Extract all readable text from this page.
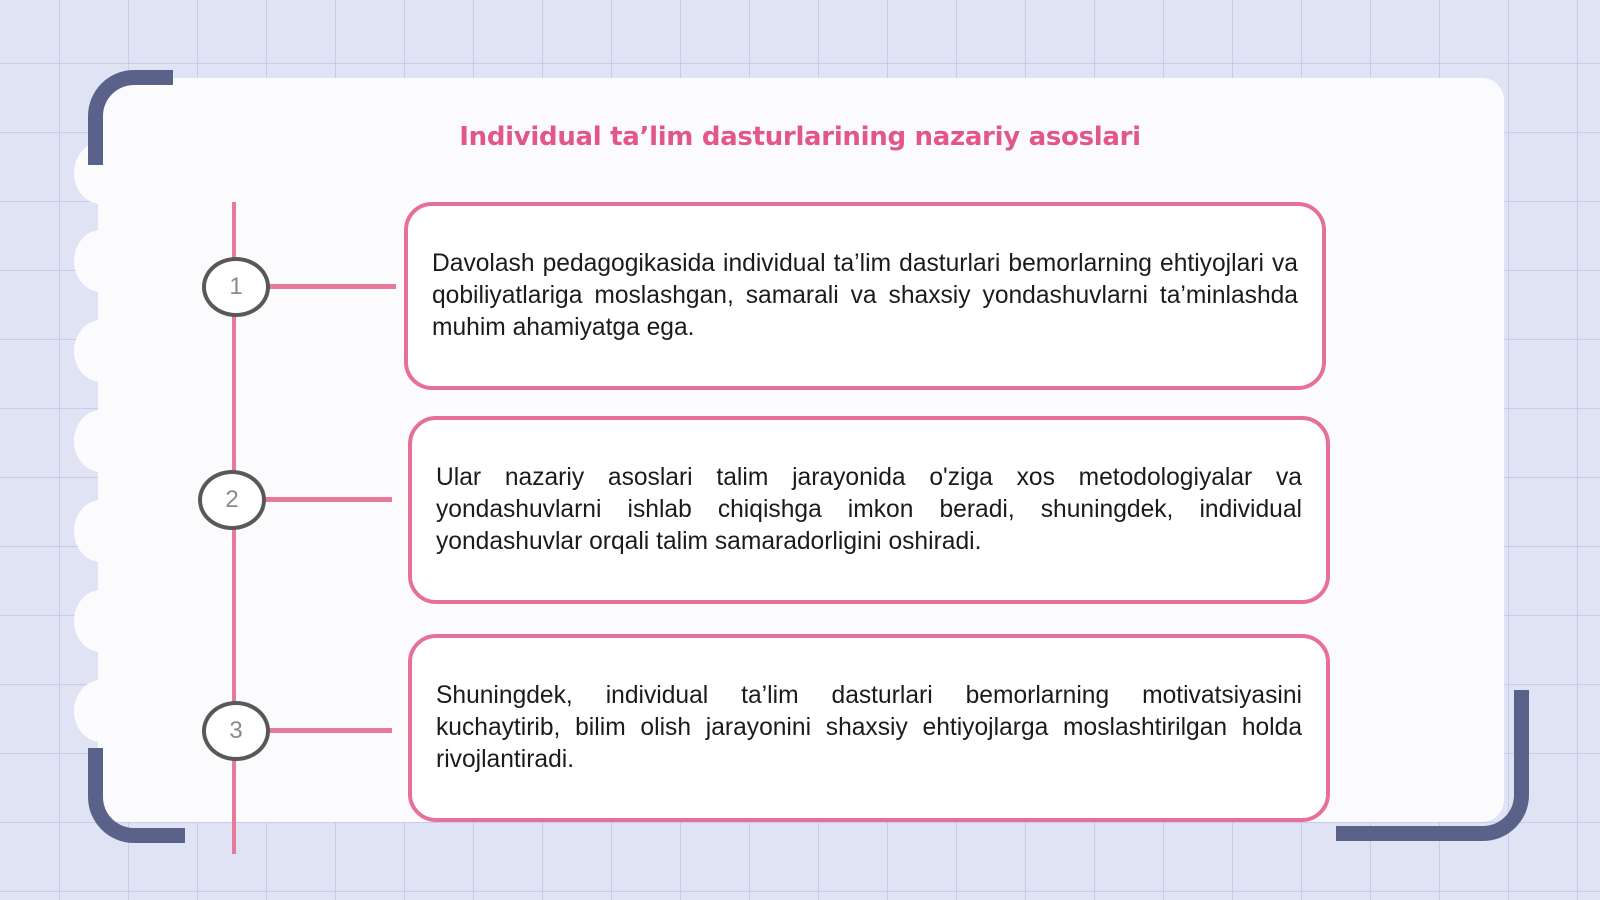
Individual ta’lim dasturlarining nazariy asoslari
1

Davolash pedagogikasida individual ta’lim dasturlari bemorlarning ehtiyojlari va qobiliyatlariga moslashgan, samarali va shaxsiy yondashuvlarni ta’minlashda muhim ahamiyatga ega.

2

Ular nazariy asoslari talim jarayonida o'ziga xos metodologiyalar va yondashuvlarni ishlab chiqishga imkon beradi, shuningdek, individual yondashuvlar orqali talim samaradorligini oshiradi.

3

Shuningdek, individual ta’lim dasturlari bemorlarning motivatsiyasini kuchaytirib, bilim olish jarayonini shaxsiy ehtiyojlarga moslashtirilgan holda rivojlantiradi.
